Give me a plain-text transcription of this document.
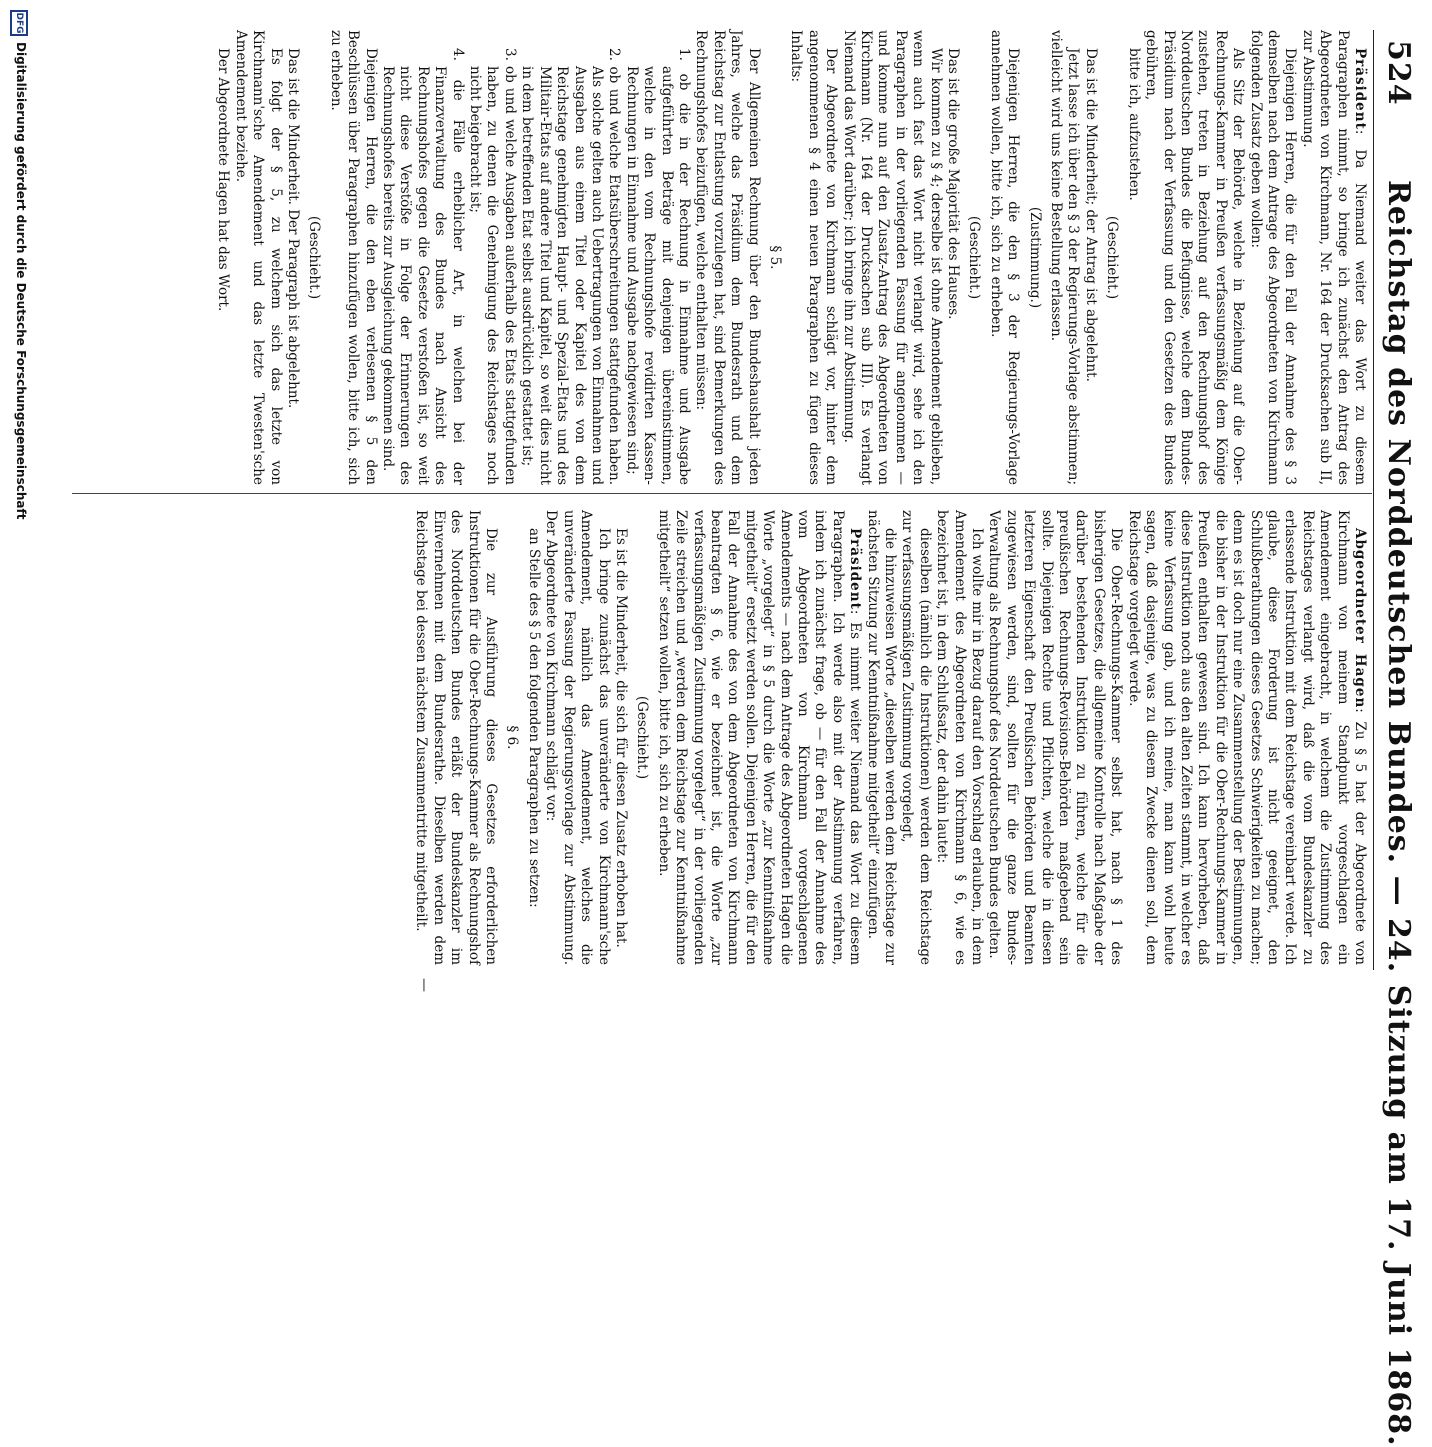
524
Reichstag des Norddeutschen Bundes. — 24. Sitzung am 17. Juni 1868.

Präsident: Da Niemand weiter das Wort zu diesem Paragraphen nimmt, so bringe ich zunächst den Antrag des Abgeordneten von Kirchmann, Nr. 164 der Drucksachen sub II, zur Abstimmung.

Diejenigen Herren, die für den Fall der Annahme des § 3 demselben nach dem Antrage des Abgeordneten von Kirchmann folgenden Zusatz geben wollen:

Als Sitz der Behörde, welche in Beziehung auf die Ober-Rechnungs-Kammer in Preußen verfassungsmäßig dem Könige zustehen, treten in Beziehung auf den Rechnungshof des Norddeutschen Bundes die Befugnisse, welche dem Bundes-Präsidium nach der Verfassung und den Gesetzen des Bundes gebühren,

bitte ich, aufzustehen.

(Geschieht.)

Das ist die Minderheit; der Antrag ist abgelehnt.

Jetzt lasse ich über den § 3 der Regierungs-Vorlage abstimmen; vielleicht wird uns keine Bestellung erlassen.

(Zustimmung.)

Diejenigen Herren, die den § 3 der Regierungs-Vorlage annehmen wollen, bitte ich, sich zu erheben.

(Geschieht.)

Das ist die große Majorität des Hauses.

Wir kommen zu § 4; derselbe ist ohne Amendement geblieben, wenn auch fast das Wort nicht verlangt wird, sehe ich den Paragraphen in der vorliegenden Fassung für angenommen — und komme nun auf den Zusatz-Antrag des Abgeordneten von Kirchmann (Nr. 164 der Drucksachen sub III). Es verlangt Niemand das Wort darüber; ich bringe ihn zur Abstimmung.

Der Abgeordnete von Kirchmann schlägt vor, hinter dem angenommenen § 4 einen neuen Paragraphen zu fügen dieses Inhalts:

§ 5.

Der Allgemeinen Rechnung über den Bundeshaushalt jeden Jahres, welche das Präsidium dem Bundesrath und dem Reichstag zur Entlastung vorzulegen hat, sind Bemerkungen des Rechnungshofes beizufügen, welche enthalten müssen:

1. ob die in der Rechnung in Einnahme und Ausgabe aufgeführten Beträge mit denjenigen übereinstimmen, welche in den vom Rechnungshofe revidirten Kassen-Rechnungen in Einnahme und Ausgabe nachgewiesen sind;

2. ob und welche Etatsüberschreitungen stattgefunden haben. Als solche gelten auch Uebertragungen von Einnahmen und Ausgaben aus einem Titel oder Kapitel des von dem Reichstage genehmigten Haupt- und Spezial-Etats und des Militair-Etats auf andere Titel und Kapitel, so weit dies nicht in dem betreffenden Etat selbst ausdrücklich gestattet ist;

3. ob und welche Ausgaben außerhalb des Etats stattgefunden haben, zu denen die Genehmigung des Reichstages noch nicht beigebracht ist;

4. die Fälle erheblicher Art, in welchen bei der Finanzverwaltung des Bundes nach Ansicht des Rechnungshofes gegen die Gesetze verstoßen ist, so weit nicht diese Verstöße in Folge der Erinnerungen des Rechnungshofes bereits zur Ausgleichung gekommen sind.

Diejenigen Herren, die den eben verlesenen § 5 den Beschlüssen über Paragraphen hinzufügen wollen, bitte ich, sich zu erheben.

(Geschieht.)

Das ist die Minderheit. Der Paragraph ist abgelehnt.

Es folgt der § 5, zu welchem sich das letzte von Kirchmann'sche Amendement und das letzte Twesten'sche Amendement beziehe.

Der Abgeordnete Hagen hat das Wort.

Abgeordneter Hagen: Zu § 5 hat der Abgeordnete von Kirchmann von meinem Standpunkt vorgeschlagen ein Amendement eingebracht, in welchem die Zustimmung des Reichstages verlangt wird, daß die vom Bundeskanzler zu erlassende Instruktion mit dem Reichstage vereinbart werde. Ich glaube, diese Forderung ist nicht geeignet, den Schlußberathungen dieses Gesetzes Schwierigkeiten zu machen; denn es ist doch nur eine Zusammenstellung der Bestimmungen, die bisher in der Instruktion für die Ober-Rechnungs-Kammer in Preußen enthalten gewesen sind. Ich kann hervorheben, daß diese Instruktion noch aus den alten Zeiten stammt, in welcher es keine Verfassung gab, und ich meine, man kann wohl heute sagen, daß dasjenige, was zu diesem Zwecke dienen soll, dem Reichstage vorgelegt werde.

Die Ober-Rechnungs-Kammer selbst hat, nach § 1 des bisherigen Gesetzes, die allgemeine Kontrolle nach Maßgabe der darüber bestehenden Instruktion zu führen, welche für die preußischen Rechnungs-Revisions-Behörden maßgebend sein sollte. Diejenigen Rechte und Pflichten, welche die in diesen letzteren Eigenschaft den Preußischen Behörden und Beamten zugewiesen werden, sind, sollten für die ganze Bundes-Verwaltung als Rechnungshof des Norddeutschen Bundes gelten.

Ich wollte mir in Bezug darauf den Vorschlag erlauben, in dem Amendement des Abgeordneten von Kirchmann § 6, wie es bezeichnet ist, in dem Schlußsatz, der dahin lautet:

dieselben (nämlich die Instruktionen) werden dem Reichstage zur verfassungsmäßigen Zustimmung vorgelegt,

die hinzuweisen Worte „dieselben werden dem Reichstage zur nächsten Sitzung zur Kenntnißnahme mitgetheilt“ einzufügen.

Präsident: Es nimmt weiter Niemand das Wort zu diesem Paragraphen. Ich werde also mit der Abstimmung verfahren, indem ich zunächst frage, ob — für den Fall der Annahme des vom Abgeordneten von Kirchmann vorgeschlagenen Amendements — nach dem Antrage des Abgeordneten Hagen die Worte „vorgelegt“ in § 5 durch die Worte „zur Kenntnißnahme mitgetheilt“ ersetzt werden sollen. Diejenigen Herren, die für den Fall der Annahme des von dem Abgeordneten von Kirchmann beantragten § 6, wie er bezeichnet ist, die Worte „zur verfassungsmäßigen Zustimmung vorgelegt“ in der vorliegenden Zeile streichen und „werden dem Reichstage zur Kenntnißnahme mitgetheilt“ setzen wollen, bitte ich, sich zu erheben.

(Geschieht.)

Es ist die Minderheit, die sich für diesen Zusatz erhoben hat.

Ich bringe zunächst das unveränderte von Kirchmann'sche Amendement, nämlich das Amendement, welches die unveränderte Fassung der Regierungsvorlage zur Abstimmung. Der Abgeordnete von Kirchmann schlägt vor:

an Stelle des § 5 den folgenden Paragraphen zu setzen:

§ 6.

Die zur Ausführung dieses Gesetzes erforderlichen Instruktionen für die Ober-Rechnungs-Kammer als Rechnungshof des Norddeutschen Bundes erläßt der Bundeskanzler im Einvernehmen mit dem Bundesrathe. Dieselben werden dem Reichstage bei dessen nächstem Zusammentritte mitgetheilt.

—
DFG
Digitalisierung gefördert durch die Deutsche Forschungsgemeinschaft
